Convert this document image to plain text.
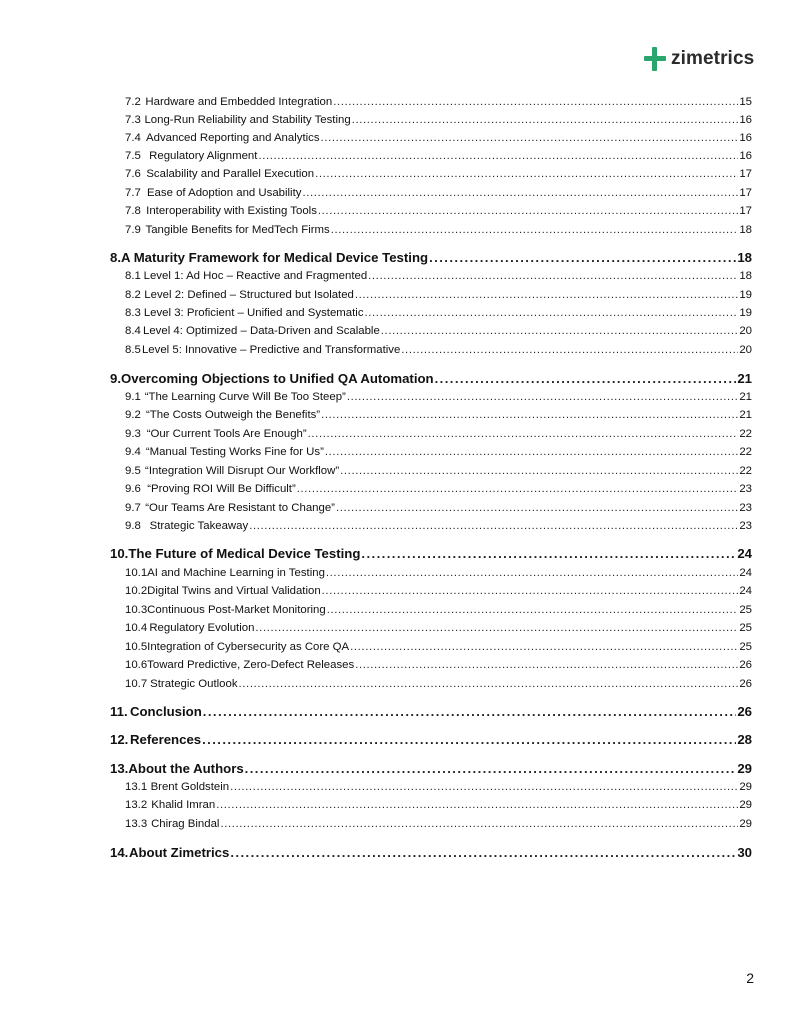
zimetrics
7.2 Hardware and Embedded Integration .....	15
7.3 Long-Run Reliability and Stability Testing .....	16
7.4 Advanced Reporting and Analytics .....	16
7.5 Regulatory Alignment .....	16
7.6 Scalability and Parallel Execution .....	17
7.7 Ease of Adoption and Usability .....	17
7.8 Interoperability with Existing Tools .....	17
7.9 Tangible Benefits for MedTech Firms .....	18
8. A Maturity Framework for Medical Device Testing .....	18
8.1 Level 1: Ad Hoc – Reactive and Fragmented .....	18
8.2 Level 2: Defined – Structured but Isolated .....	19
8.3 Level 3: Proficient – Unified and Systematic .....	19
8.4 Level 4: Optimized – Data-Driven and Scalable .....	20
8.5 Level 5: Innovative – Predictive and Transformative .....	20
9. Overcoming Objections to Unified QA Automation .....	21
9.1 “The Learning Curve Will Be Too Steep” .....	21
9.2 “The Costs Outweigh the Benefits” .....	21
9.3 “Our Current Tools Are Enough” .....	22
9.4 “Manual Testing Works Fine for Us” .....	22
9.5 “Integration Will Disrupt Our Workflow” .....	22
9.6 “Proving ROI Will Be Difficult” .....	23
9.7 “Our Teams Are Resistant to Change” .....	23
9.8 Strategic Takeaway .....	23
10. The Future of Medical Device Testing .....	24
10.1 AI and Machine Learning in Testing .....	24
10.2 Digital Twins and Virtual Validation .....	24
10.3 Continuous Post-Market Monitoring .....	25
10.4 Regulatory Evolution .....	25
10.5 Integration of Cybersecurity as Core QA .....	25
10.6 Toward Predictive, Zero-Defect Releases .....	26
10.7 Strategic Outlook .....	26
11. Conclusion .....	26
12. References .....	28
13. About the Authors .....	29
13.1 Brent Goldstein .....	29
13.2 Khalid Imran .....	29
13.3 Chirag Bindal .....	29
14. About Zimetrics .....	30
2
